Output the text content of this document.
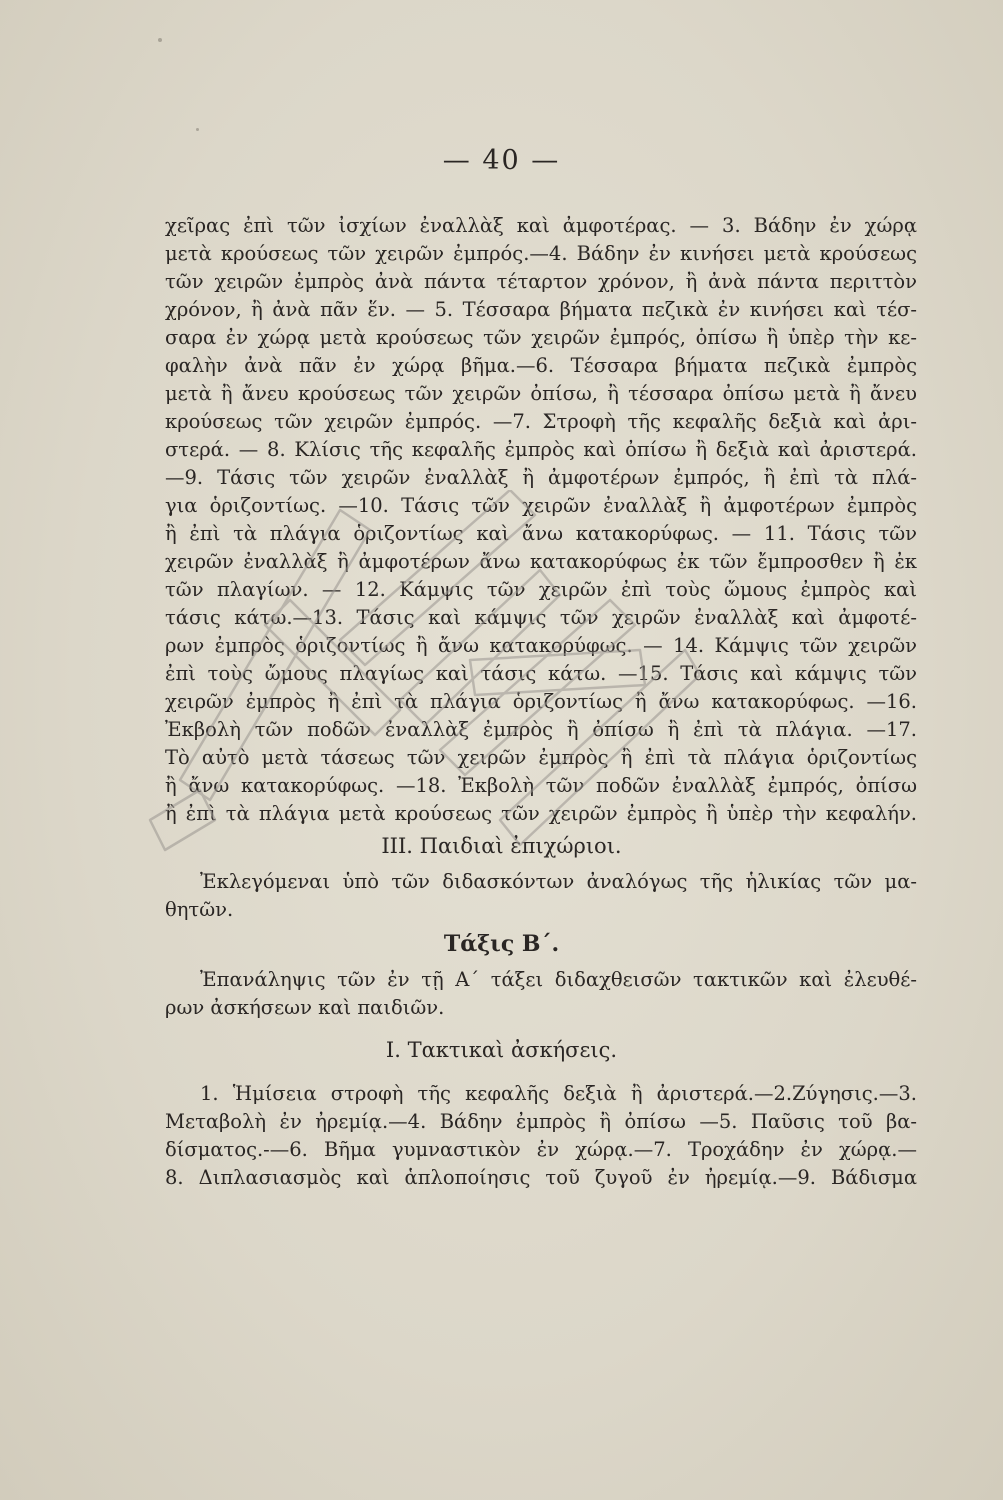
— 40 —
χεῖρας ἐπὶ τῶν ἰσχίων ἐναλλὰξ καὶ ἀμφοτέρας. — 3. Βάδην ἐν χώρᾳ
μετὰ κρούσεως τῶν χειρῶν ἐμπρός.—4. Βάδην ἐν κινήσει μετὰ κρούσεως
τῶν χειρῶν ἐμπρὸς ἀνὰ πάντα τέταρτον χρόνον, ἢ ἀνὰ πάντα περιττὸν
χρόνον, ἢ ἀνὰ πᾶν ἕν. — 5. Τέσσαρα βήματα πεζικὰ ἐν κινήσει καὶ τέσ-
σαρα ἐν χώρᾳ μετὰ κρούσεως τῶν χειρῶν ἐμπρός, ὀπίσω ἢ ὑπὲρ τὴν κε-
φαλὴν ἀνὰ πᾶν ἐν χώρᾳ βῆμα.—6. Τέσσαρα βήματα πεζικὰ ἐμπρὸς
μετὰ ἢ ἄνευ κρούσεως τῶν χειρῶν ὀπίσω, ἢ τέσσαρα ὀπίσω μετὰ ἢ ἄνευ
κρούσεως τῶν χειρῶν ἐμπρός. —7. Στροφὴ τῆς κεφαλῆς δεξιὰ καὶ ἀρι-
στερά. — 8. Κλίσις τῆς κεφαλῆς ἐμπρὸς καὶ ὀπίσω ἢ δεξιὰ καὶ ἀριστερά.
—9. Τάσις τῶν χειρῶν ἐναλλὰξ ἢ ἀμφοτέρων ἐμπρός, ἢ ἐπὶ τὰ πλά-
για ὁριζοντίως. —10. Τάσις τῶν χειρῶν ἐναλλὰξ ἢ ἀμφοτέρων ἐμπρὸς
ἢ ἐπὶ τὰ πλάγια ὁριζοντίως καὶ ἄνω κατακορύφως. — 11. Τάσις τῶν
χειρῶν ἐναλλὰξ ἢ ἀμφοτέρων ἄνω κατακορύφως ἐκ τῶν ἔμπροσθεν ἢ ἐκ
τῶν πλαγίων. — 12. Κάμψις τῶν χειρῶν ἐπὶ τοὺς ὤμους ἐμπρὸς καὶ
τάσις κάτω.—13. Τάσις καὶ κάμψις τῶν χειρῶν ἐναλλὰξ καὶ ἀμφοτέ-
ρων ἐμπρὸς ὁριζοντίως ἢ ἄνω κατακορύφως. — 14. Κάμψις τῶν χειρῶν
ἐπὶ τοὺς ὤμους πλαγίως καὶ τάσις κάτω. —15. Τάσις καὶ κάμψις τῶν
χειρῶν ἐμπρὸς ἢ ἐπὶ τὰ πλάγια ὁριζοντίως ἢ ἄνω κατακορύφως. —16.
Ἐκβολὴ τῶν ποδῶν ἐναλλὰξ ἐμπρὸς ἢ ὀπίσω ἢ ἐπὶ τὰ πλάγια. —17.
Τὸ αὐτὸ μετὰ τάσεως τῶν χειρῶν ἐμπρὸς ἢ ἐπὶ τὰ πλάγια ὁριζοντίως
ἢ ἄνω κατακορύφως. —18. Ἐκβολὴ τῶν ποδῶν ἐναλλὰξ ἐμπρός, ὀπίσω
ἢ ἐπὶ τὰ πλάγια μετὰ κρούσεως τῶν χειρῶν ἐμπρὸς ἢ ὑπὲρ τὴν κεφαλήν.
III. Παιδιαὶ ἐπιχώριοι.
Ἐκλεγόμεναι ὑπὸ τῶν διδασκόντων ἀναλόγως τῆς ἡλικίας τῶν μα-
θητῶν.
Τάξις Β΄.
Ἐπανάληψις τῶν ἐν τῇ Α΄ τάξει διδαχθεισῶν τακτικῶν καὶ ἐλευθέ-
ρων ἀσκήσεων καὶ παιδιῶν.
I. Τακτικαὶ ἀσκήσεις.
1. Ἡμίσεια στροφὴ τῆς κεφαλῆς δεξιὰ ἢ ἀριστερά.—2.Ζύγησις.—3.
Μεταβολὴ ἐν ἠρεμίᾳ.—4. Βάδην ἐμπρὸς ἢ ὀπίσω —5. Παῦσις τοῦ βα-
δίσματος.-—6. Βῆμα γυμναστικὸν ἐν χώρᾳ.—7. Τροχάδην ἐν χώρᾳ.—
8. Διπλασιασμὸς καὶ ἁπλοποίησις τοῦ ζυγοῦ ἐν ἠρεμίᾳ.—9. Βάδισμα
